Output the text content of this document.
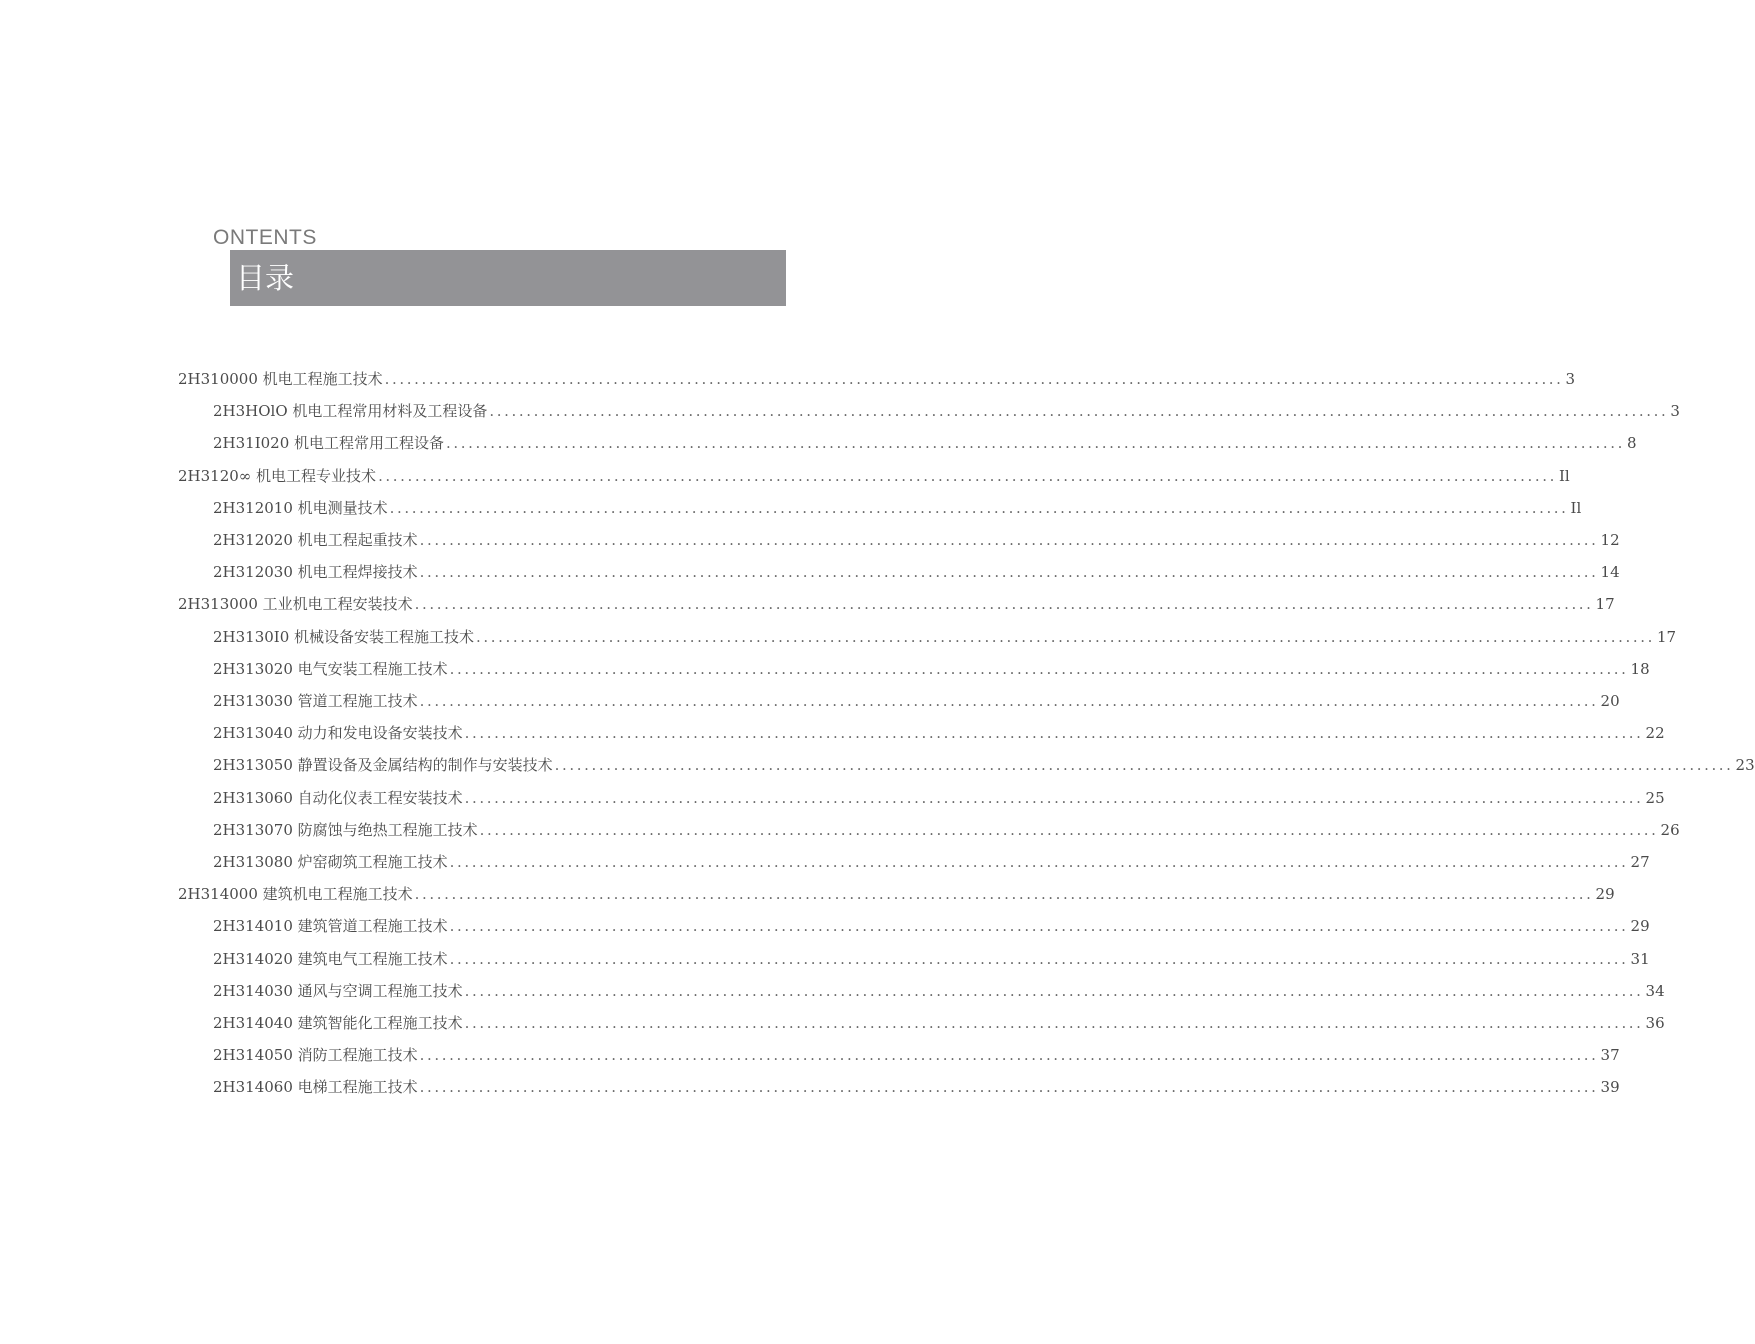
ONTENTS
目录
2H310000 机电工程施工技术 ................................................................................................................................................................ 3
2H3HOlO 机电工程常用材料及工程设备 ................................................................................................................................................................ 3
2H31I020 机电工程常用工程设备 ................................................................................................................................................................ 8
2H3120∞ 机电工程专业技术 ................................................................................................................................................................ Il
2H312010 机电测量技术 ................................................................................................................................................................ Il
2H312020 机电工程起重技术 ................................................................................................................................................................ 12
2H312030 机电工程焊接技术 ................................................................................................................................................................ 14
2H313000 工业机电工程安装技术 ................................................................................................................................................................ 17
2H3130I0 机械设备安装工程施工技术 ................................................................................................................................................................ 17
2H313020 电气安装工程施工技术 ................................................................................................................................................................ 18
2H313030 管道工程施工技术 ................................................................................................................................................................ 20
2H313040 动力和发电设备安装技术 ................................................................................................................................................................ 22
2H313050 静置设备及金属结构的制作与安装技术 ................................................................................................................................................................ 23
2H313060 自动化仪表工程安装技术 ................................................................................................................................................................ 25
2H313070 防腐蚀与绝热工程施工技术 ................................................................................................................................................................ 26
2H313080 炉窑砌筑工程施工技术 ................................................................................................................................................................ 27
2H314000 建筑机电工程施工技术 ................................................................................................................................................................ 29
2H314010 建筑管道工程施工技术 ................................................................................................................................................................ 29
2H314020 建筑电气工程施工技术 ................................................................................................................................................................ 31
2H314030 通风与空调工程施工技术 ................................................................................................................................................................ 34
2H314040 建筑智能化工程施工技术 ................................................................................................................................................................ 36
2H314050 消防工程施工技术 ................................................................................................................................................................ 37
2H314060 电梯工程施工技术 ................................................................................................................................................................ 39
